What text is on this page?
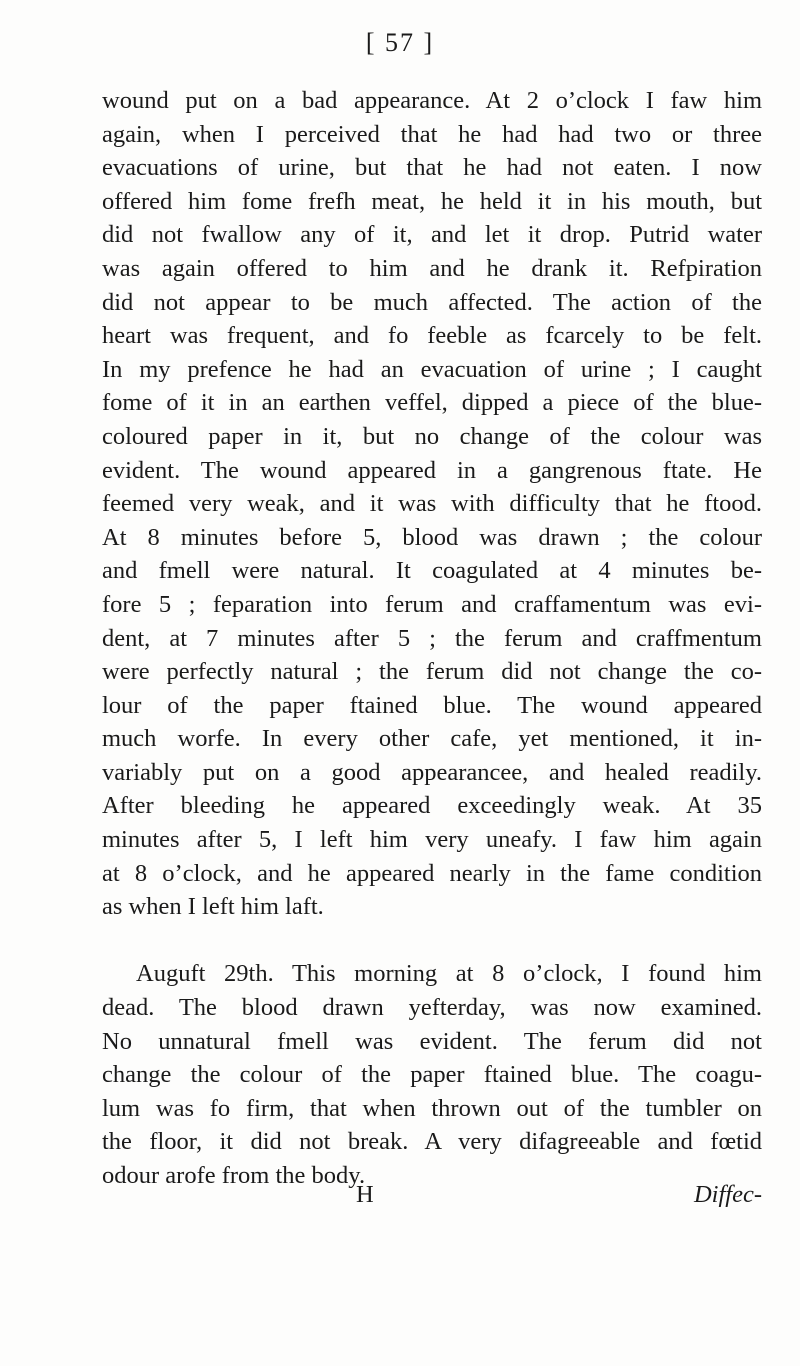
[ 57 ]
wound put on a bad appearance. At 2 o’clock I faw him
again, when I perceived that he had had two or three
evacuations of urine, but that he had not eaten. I now
offered him fome frefh meat, he held it in his mouth, but
did not fwallow any of it, and let it drop. Putrid water
was again offered to him and he drank it. Refpiration
did not appear to be much affected. The action of the
heart was frequent, and fo feeble as fcarcely to be felt.
In my prefence he had an evacuation of urine ; I caught
fome of it in an earthen veffel, dipped a piece of the blue-
coloured paper in it, but no change of the colour was
evident. The wound appeared in a gangrenous ftate. He
feemed very weak, and it was with difficulty that he ftood.
At 8 minutes before 5, blood was drawn ; the colour
and fmell were natural. It coagulated at 4 minutes be-
fore 5 ; feparation into ferum and craffamentum was evi-
dent, at 7 minutes after 5 ; the ferum and craffmentum
were perfectly natural ; the ferum did not change the co-
lour of the paper ftained blue. The wound appeared
much worfe. In every other cafe, yet mentioned, it in-
variably put on a good appearancee, and healed readily.
After bleeding he appeared exceedingly weak. At 35
minutes after 5, I left him very uneafy. I faw him again
at 8 o’clock, and he appeared nearly in the fame condition
as when I left him laft.
Auguft 29th. This morning at 8 o’clock, I found him
dead. The blood drawn yefterday, was now examined.
No unnatural fmell was evident. The ferum did not
change the colour of the paper ftained blue. The coagu-
lum was fo firm, that when thrown out of the tumbler on
the floor, it did not break. A very difagreeable and fœtid
odour arofe from the body.
H	Diffec-
